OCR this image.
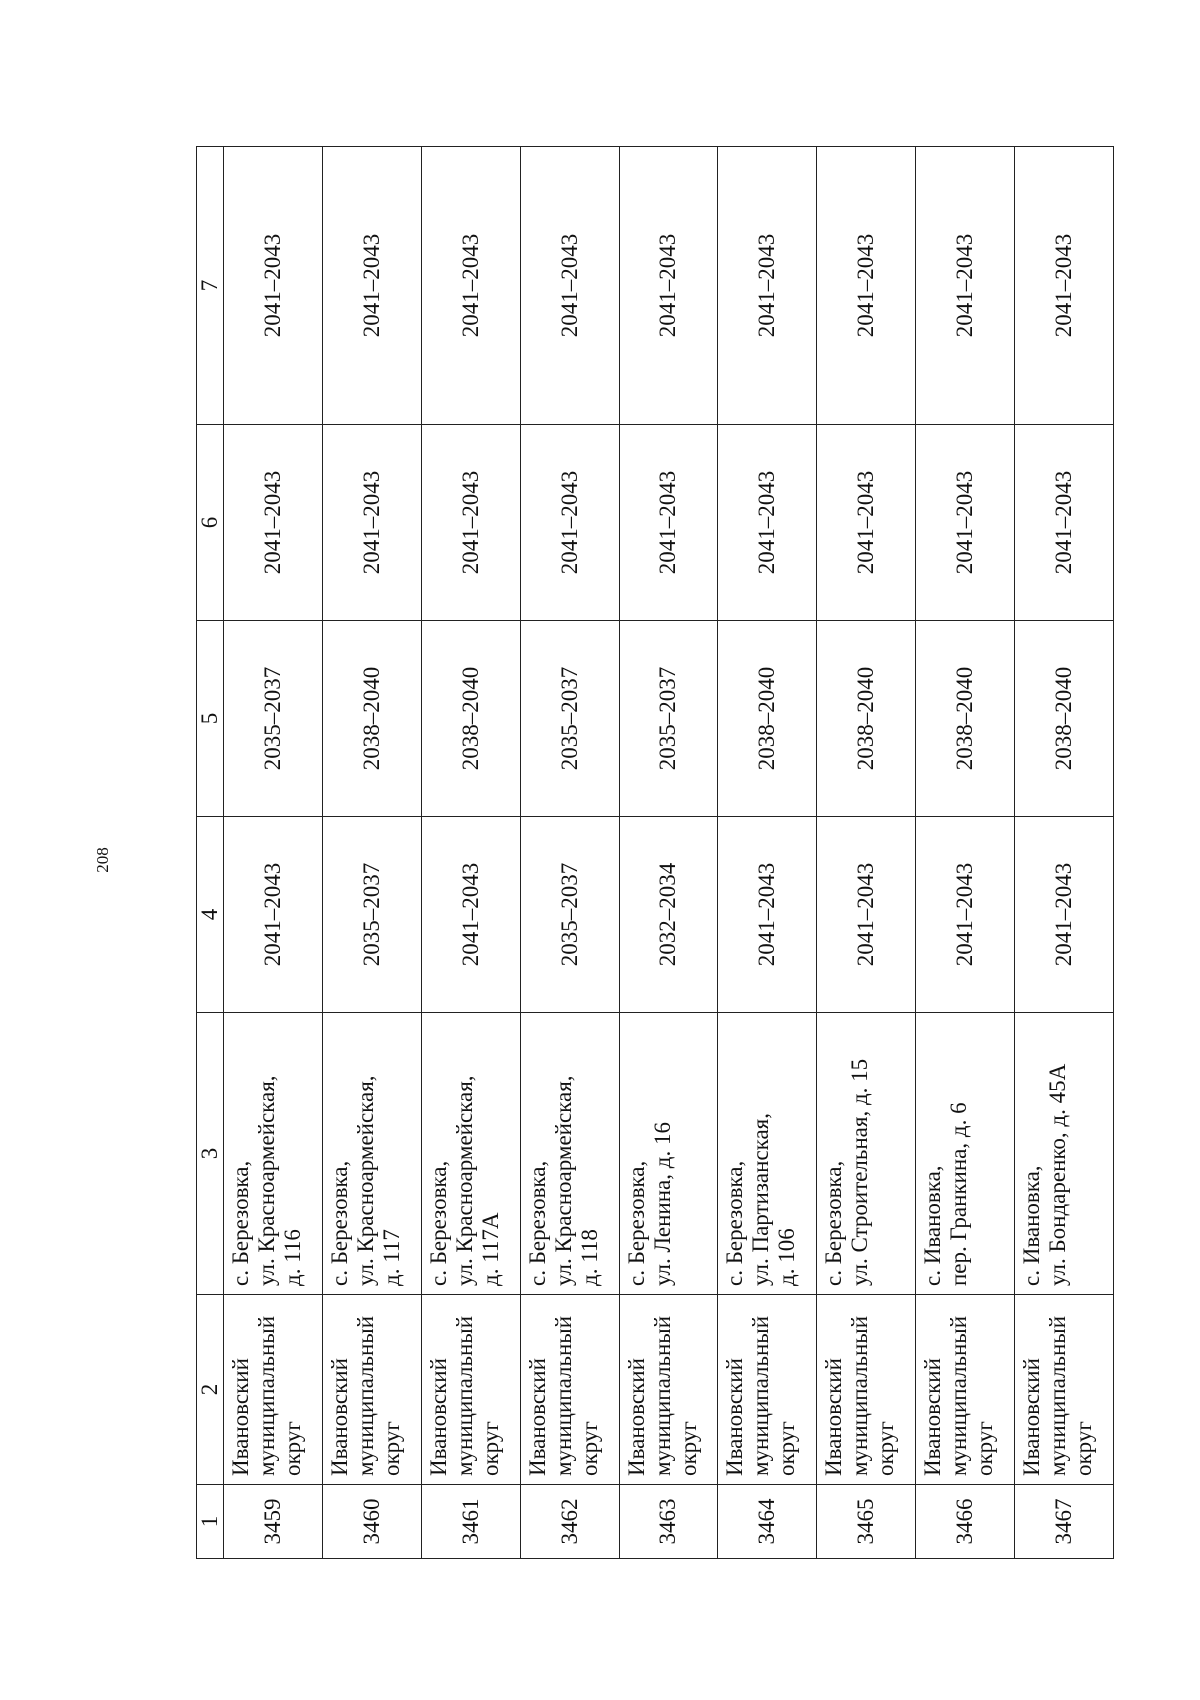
208
1	2	3	4	5	6	7
3459	Ивановский муниципальный округ	с. Березовка, ул. Красноармейская, д. 116	2041–2043	2035–2037	2041–2043	2041–2043
3460	Ивановский муниципальный округ	с. Березовка, ул. Красноармейская, д. 117	2035–2037	2038–2040	2041–2043	2041–2043
3461	Ивановский муниципальный округ	с. Березовка, ул. Красноармейская, д. 117А	2041–2043	2038–2040	2041–2043	2041–2043
3462	Ивановский муниципальный округ	с. Березовка, ул. Красноармейская, д. 118	2035–2037	2035–2037	2041–2043	2041–2043
3463	Ивановский муниципальный округ	с. Березовка, ул. Ленина, д. 16	2032–2034	2035–2037	2041–2043	2041–2043
3464	Ивановский муниципальный округ	с. Березовка, ул. Партизанская, д. 106	2041–2043	2038–2040	2041–2043	2041–2043
3465	Ивановский муниципальный округ	с. Березовка, ул. Строительная, д. 15	2041–2043	2038–2040	2041–2043	2041–2043
3466	Ивановский муниципальный округ	с. Ивановка, пер. Гранкина, д. 6	2041–2043	2038–2040	2041–2043	2041–2043
3467	Ивановский муниципальный округ	с. Ивановка, ул. Бондаренко, д. 45А	2041–2043	2038–2040	2041–2043	2041–2043
